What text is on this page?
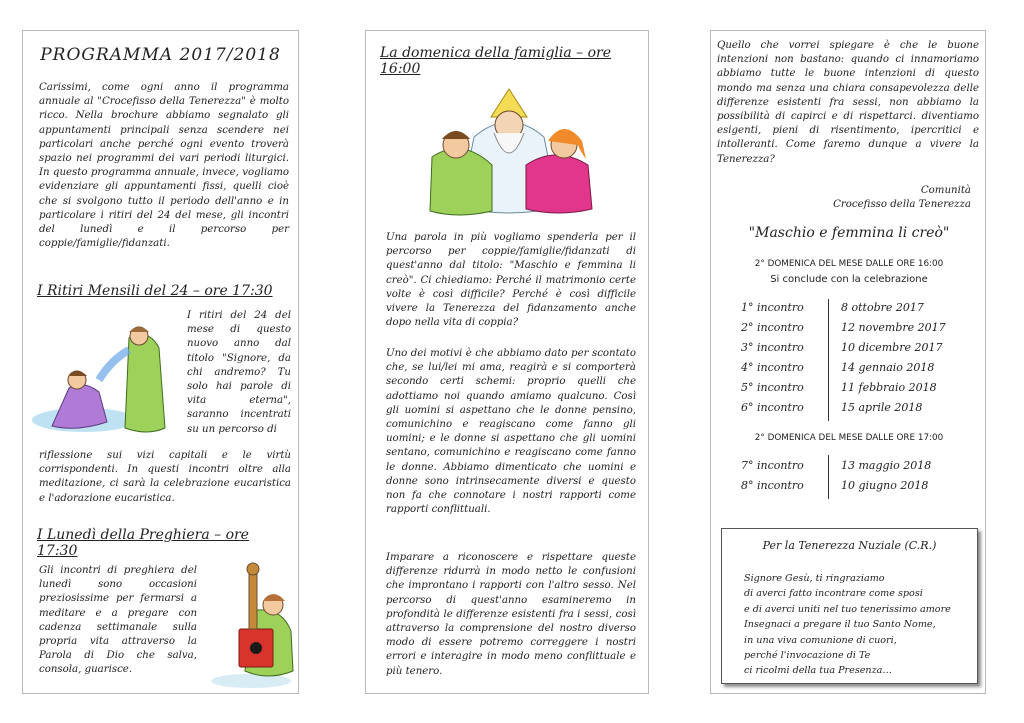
PROGRAMMA 2017/2018

Carissimi, come ogni anno il programma annuale al "Crocefisso della Tenerezza" è molto ricco. Nella brochure abbiamo segnalato gli appuntamenti principali senza scendere nei particolari anche perché ogni evento troverà spazio nei programmi dei vari periodi liturgici. In questo programma annuale, invece, vogliamo evidenziare gli appuntamenti fissi, quelli cioè che si svolgono tutto il periodo dell'anno e in particolare i ritiri del 24 del mese, gli incontri del lunedì e il percorso per coppie/famiglie/fidanzati.

I Ritiri Mensili del 24 – ore 17:30

I ritiri del 24 del mese di questo nuovo anno dal titolo "Signore, da chi andremo? Tu solo hai parole di vita eterna", saranno incentrati su un percorso di

riflessione sui vizi capitali e le virtù corrispondenti. In questi incontri oltre alla meditazione, ci sarà la celebrazione eucaristica e l'adorazione eucaristica.

I Lunedì della Preghiera – ore 17:30

Gli incontri di preghiera del lunedì sono occasioni preziosissime per fermarsi a meditare e a pregare con cadenza settimanale sulla propria vita attraverso la Parola di Dio che salva, consola, guarisce.

La domenica della famiglia – ore 16:00

Una parola in più vogliamo spenderla per il percorso per coppie/famiglie/fidanzati di quest'anno dal titolo: "Maschio e femmina li creò". Ci chiediamo: Perché il matrimonio certe volte è così difficile? Perché è così difficile vivere la Tenerezza del fidanzamento anche dopo nella vita di coppia?

Uno dei motivi è che abbiamo dato per scontato che, se lui/lei mi ama, reagirà e si comporterà secondo certi schemi: proprio quelli che adottiamo noi quando amiamo qualcuno. Così gli uomini si aspettano che le donne pensino, comunichino e reagiscano come fanno gli uomini; e le donne si aspettano che gli uomini sentano, comunichino e reagiscano come fanno le donne. Abbiamo dimenticato che uomini e donne sono intrinsecamente diversi e questo non fa che connotare i nostri rapporti come rapporti conflittuali.

Imparare a riconoscere e rispettare queste differenze ridurrà in modo netto le confusioni che improntano i rapporti con l'altro sesso. Nel percorso di quest'anno esamineremo in profondità le differenze esistenti fra i sessi, così attraverso la comprensione del nostro diverso modo di essere potremo correggere i nostri errori e interagire in modo meno conflittuale e più tenero.

Quello che vorrei spiegare è che le buone intenzioni non bastano: quando ci innamoriamo abbiamo tutte le buone intenzioni di questo mondo ma senza una chiara consapevolezza delle differenze esistenti fra sessi, non abbiamo la possibilità di capirci e di rispettarci. diventiamo esigenti, pieni di risentimento, ipercritici e intolleranti. Come faremo dunque a vivere la Tenerezza?

Comunità

Crocefisso della Tenerezza

"Maschio e femmina li creò"

2° DOMENICA DEL MESE DALLE ORE 16:00

Si conclude con la celebrazione

1° incontro	8 ottobre 2017
2° incontro	12 novembre 2017
3° incontro	10 dicembre 2017
4° incontro	14 gennaio 2018
5° incontro	11 febbraio 2018
6° incontro	15 aprile 2018

2° DOMENICA DEL MESE DALLE ORE 17:00

7° incontro	13 maggio 2018
8° incontro	10 giugno 2018

Per la Tenerezza Nuziale (C.R.)

Signore Gesù, ti ringraziamo

di averci fatto incontrare come sposi

e di averci uniti nel tuo tenerissimo amore

Insegnaci a pregare il tuo Santo Nome,

in una viva comunione di cuori,

perché l'invocazione di Te

ci ricolmi della tua Presenza…
